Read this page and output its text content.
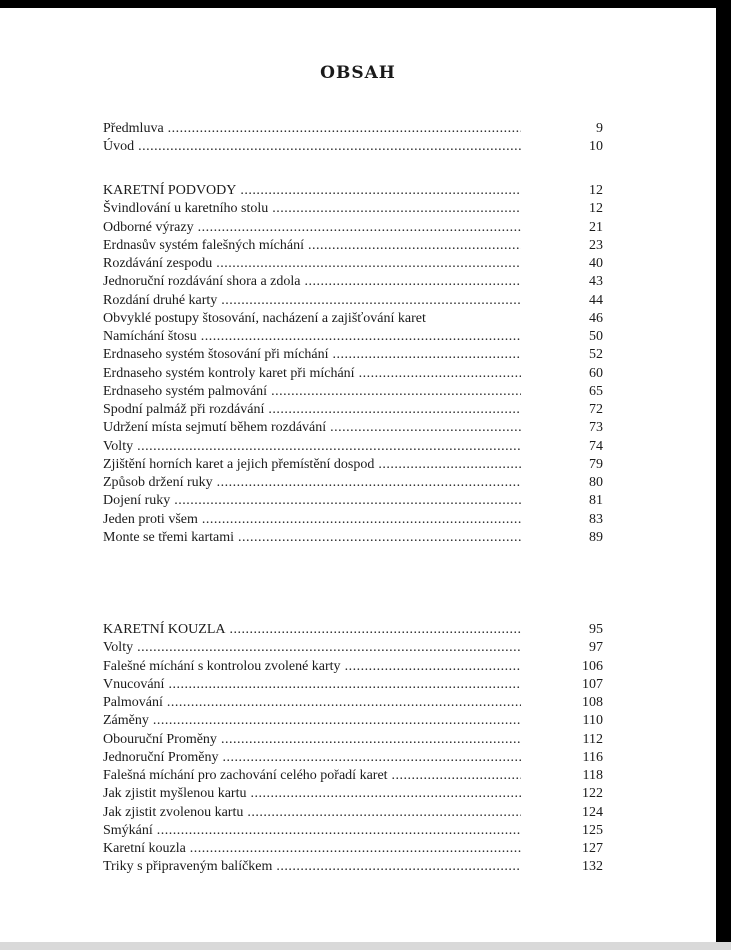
OBSAH
Předmluva .....	9
Úvod .....	10
KARETNÍ PODVODY .....	12
Švindlování u karetního stolu .....	12
Odborné výrazy .....	21
Erdnasův systém falešných míchání .....	23
Rozdávání zespodu .....	40
Jednoruční rozdávání shora a zdola .....	43
Rozdání druhé karty .....	44
Obvyklé postupy štosování, nacházení a zajišťování karet	46
Namíchání štosu .....	50
Erdnaseho systém štosování při míchání .....	52
Erdnaseho systém kontroly karet při míchání .....	60
Erdnaseho systém palmování .....	65
Spodní palmáž při rozdávání .....	72
Udržení místa sejmutí během rozdávání .....	73
Volty .....	74
Zjištění horních karet a jejich přemístění dospod .....	79
Způsob držení ruky .....	80
Dojení ruky .....	81
Jeden proti všem .....	83
Monte se třemi kartami .....	89
KARETNÍ KOUZLA .....	95
Volty .....	97
Falešné míchání s kontrolou zvolené karty .....	106
Vnucování .....	107
Palmování .....	108
Záměny .....	110
Obouruční Proměny .....	112
Jednoruční Proměny .....	116
Falešná míchání pro zachování celého pořadí karet .....	118
Jak zjistit myšlenou kartu .....	122
Jak zjistit zvolenou kartu .....	124
Smýkání .....	125
Karetní kouzla .....	127
Triky s připraveným balíčkem .....	132
